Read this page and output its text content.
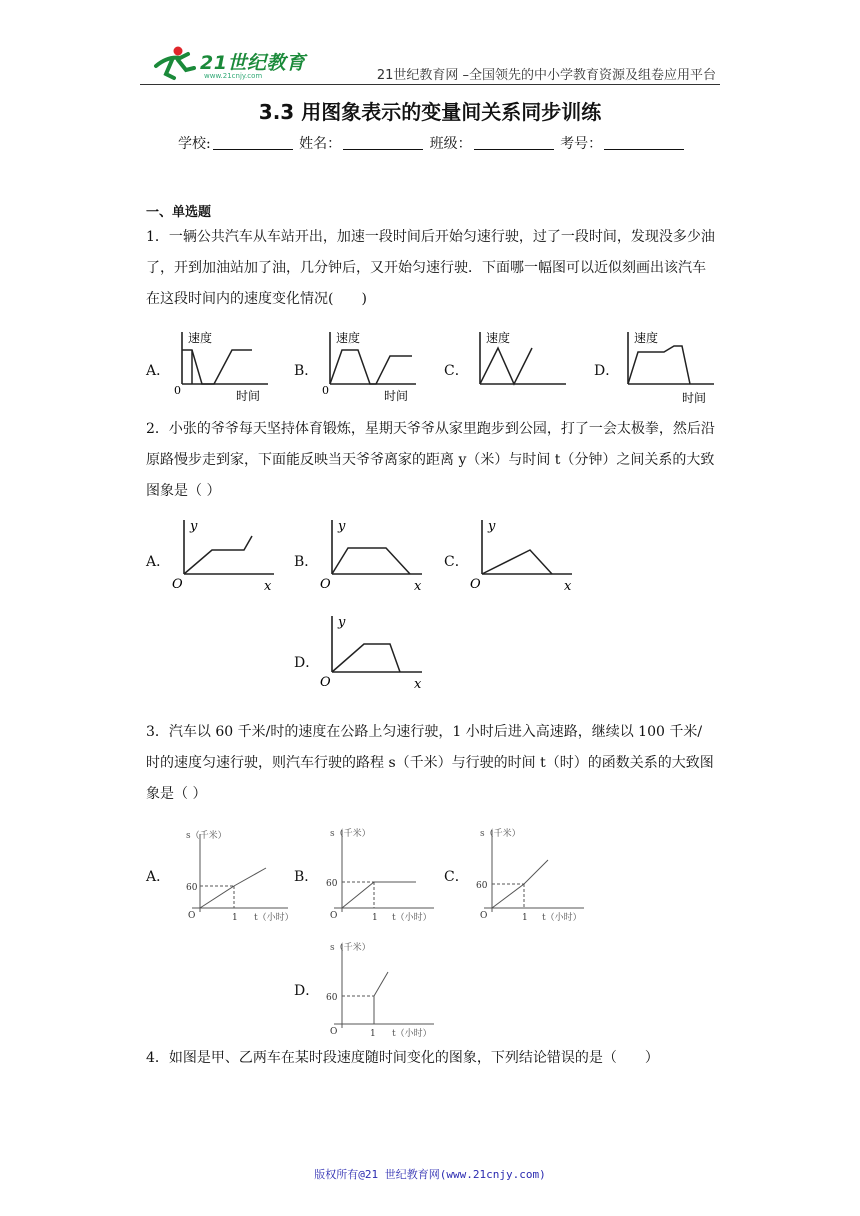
21世纪教育
www.21cnjy.com	21世纪教育网 –全国领先的中小学教育资源及组卷应用平台
3.3 用图象表示的变量间关系同步训练
学校:	姓名：	班级：	考号：
一、单选题
1．一辆公共汽车从车站开出，加速一段时间后开始匀速行驶，过了一段时间，发现没多少油了，开到加油站加了油，几分钟后，又开始匀速行驶．下面哪一幅图可以近似刻画出该汽车在这段时间内的速度变化情况(　　)
A．
速度
0	时间
B．
速度
0	时间
C．
速度
D．
速度
时间
2．小张的爷爷每天坚持体育锻炼，星期天爷爷从家里跑步到公园，打了一会太极拳，然后沿原路慢步走到家，下面能反映当天爷爷离家的距离 y（米）与时间 t（分钟）之间关系的大致图象是（ ）
A．
y
O	x
B．
y
O	x
C．
y
O	x
D．
y
O	x
3．汽车以 60 千米/时的速度在公路上匀速行驶，1 小时后进入高速路，继续以 100 千米/时的速度匀速行驶，则汽车行驶的路程 s（千米）与行驶的时间 t（时）的函数关系的大致图象是（ ）
A．
s（千米）
60
O	1 t（小时）
B．
s（千米）
60
O	1 t（小时）
C．
s（千米）
60
O	1 t（小时）
D．
s（千米）
60
O	1 t（小时）
4．如图是甲、乙两车在某时段速度随时间变化的图象，下列结论错误的是（　　）
版权所有@21 世纪教育网(www.21cnjy.com)
